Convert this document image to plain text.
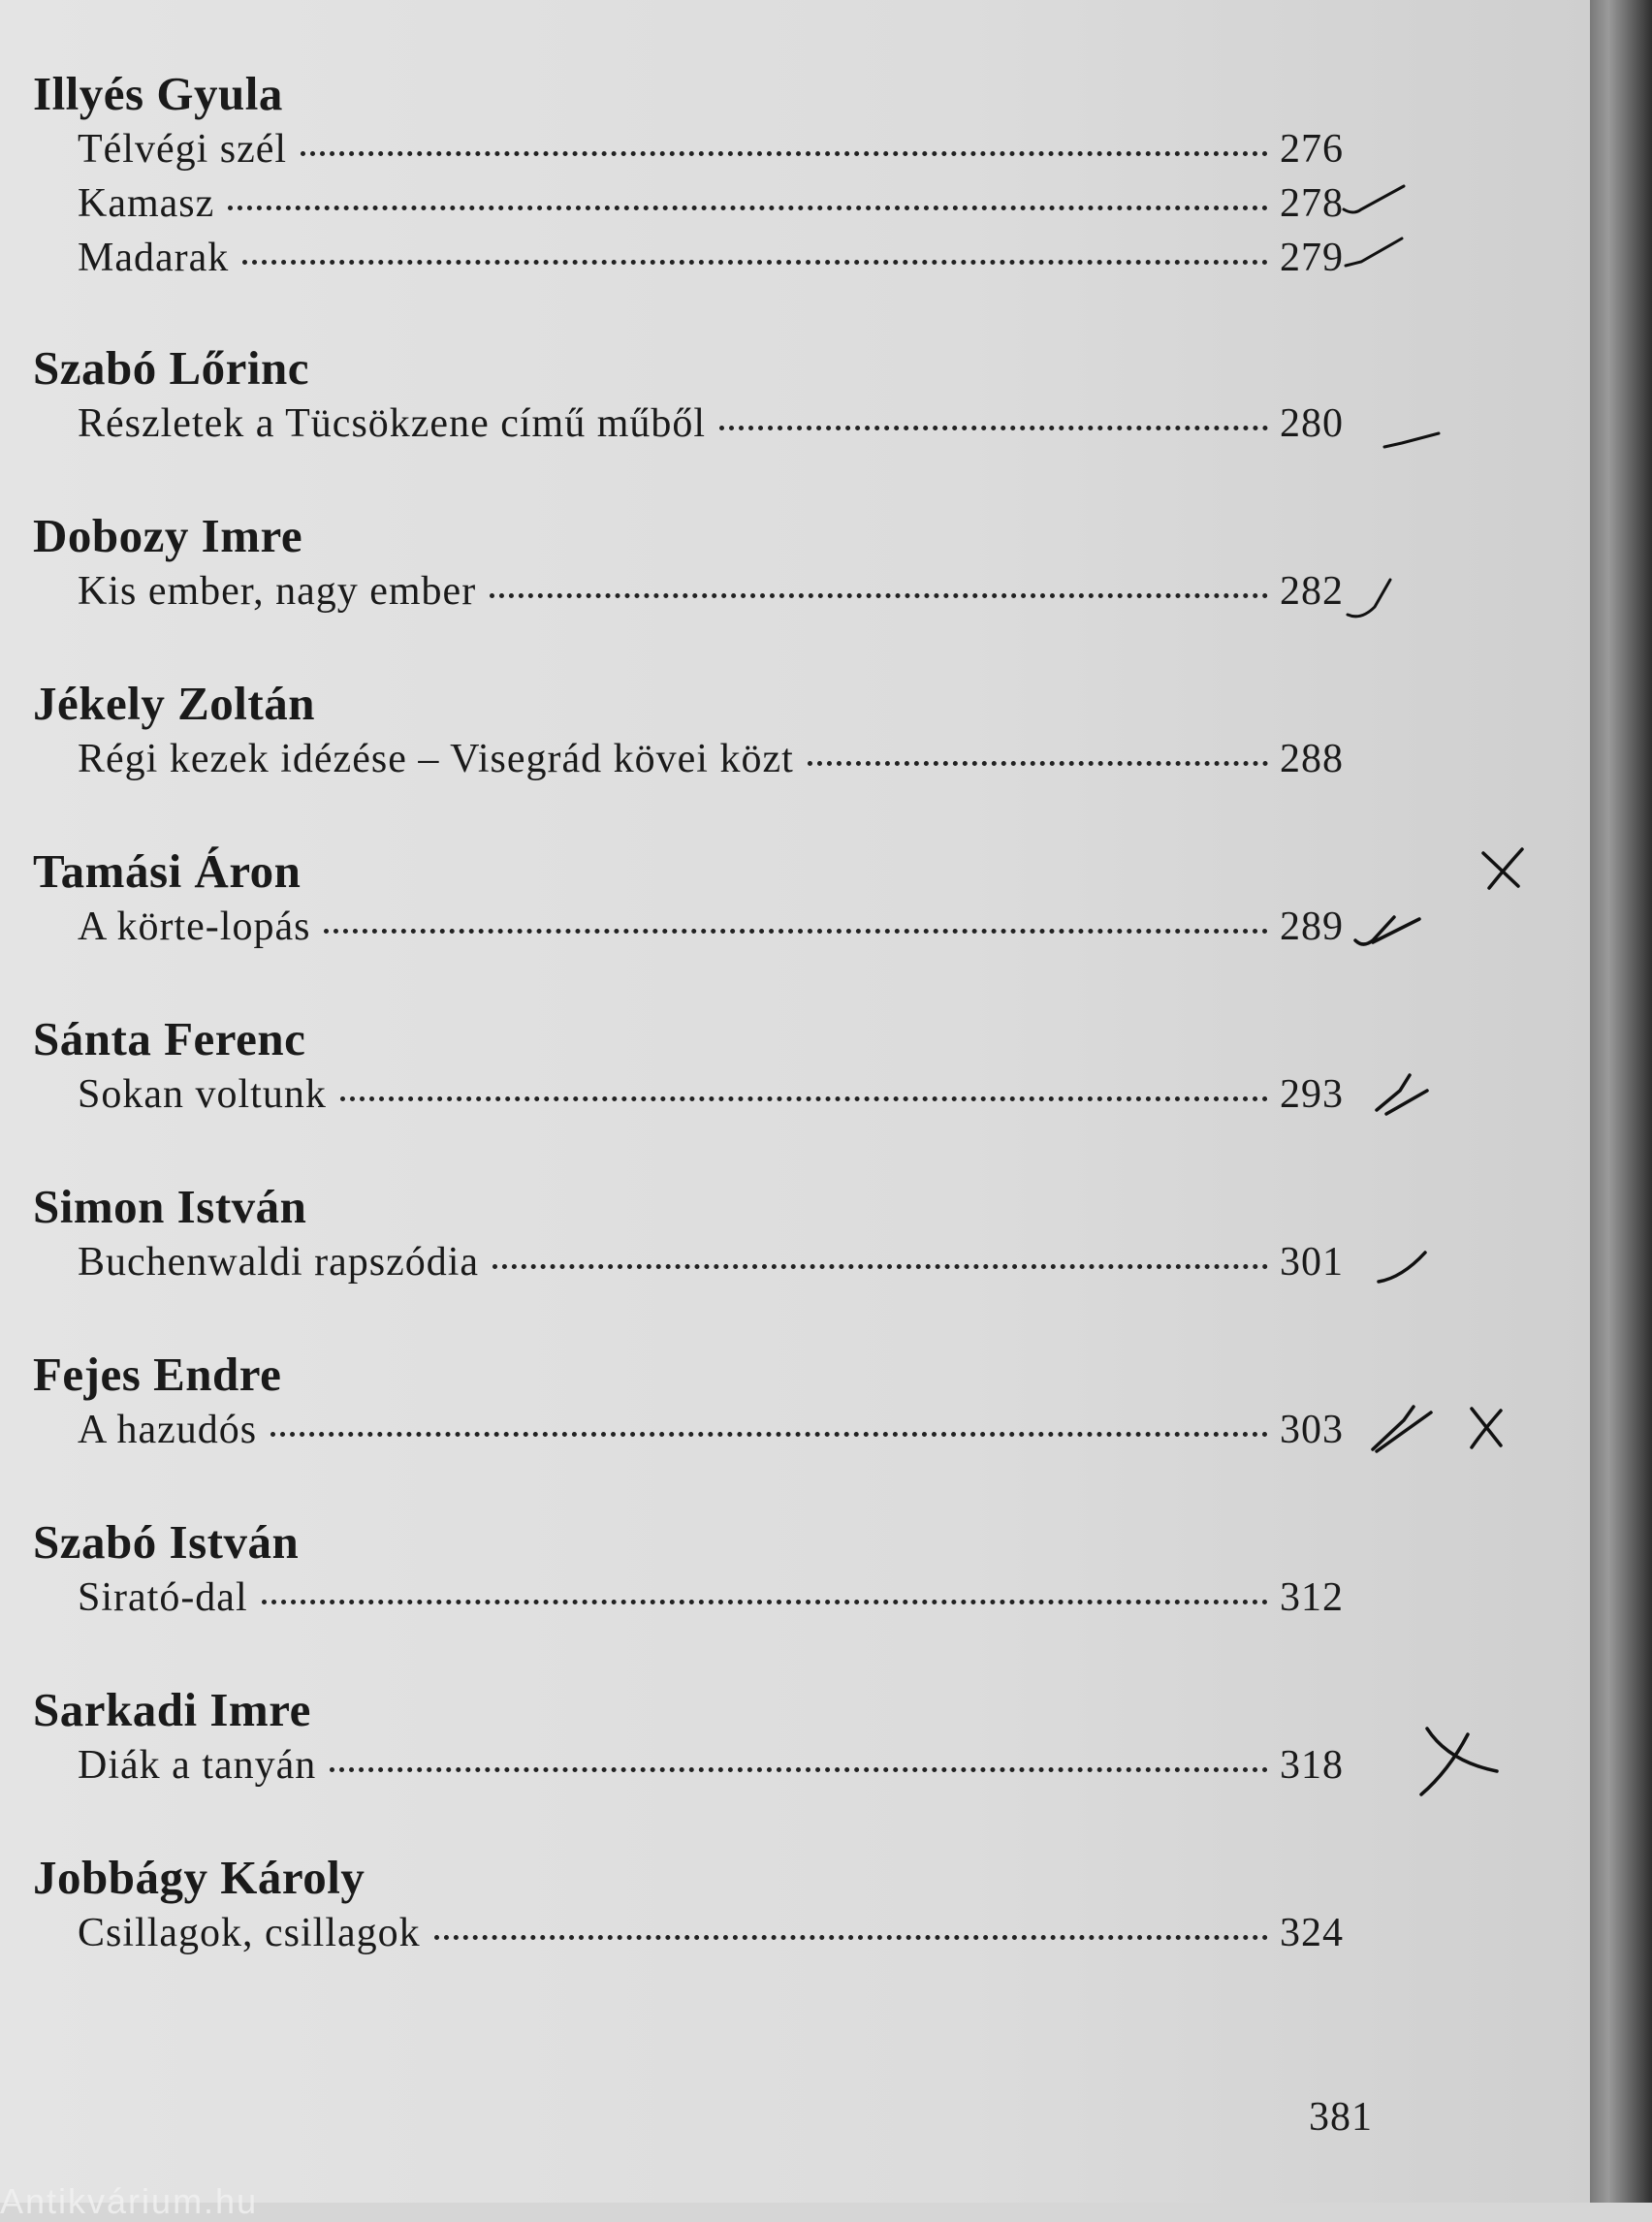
Illyés Gyula
Télvégi szél	276
Kamasz	278
Madarak	279
Szabó Lőrinc
Részletek a Tücsökzene című műből	280
Dobozy Imre
Kis ember, nagy ember	282
Jékely Zoltán
Régi kezek idézése – Visegrád kövei közt	288
Tamási Áron
A körte-lopás	289
Sánta Ferenc
Sokan voltunk	293
Simon István
Buchenwaldi rapszódia	301
Fejes Endre
A hazudós	303
Szabó István
Sirató-dal	312
Sarkadi Imre
Diák a tanyán	318
Jobbágy Károly
Csillagok, csillagok	324
381
Antikvárium.hu
